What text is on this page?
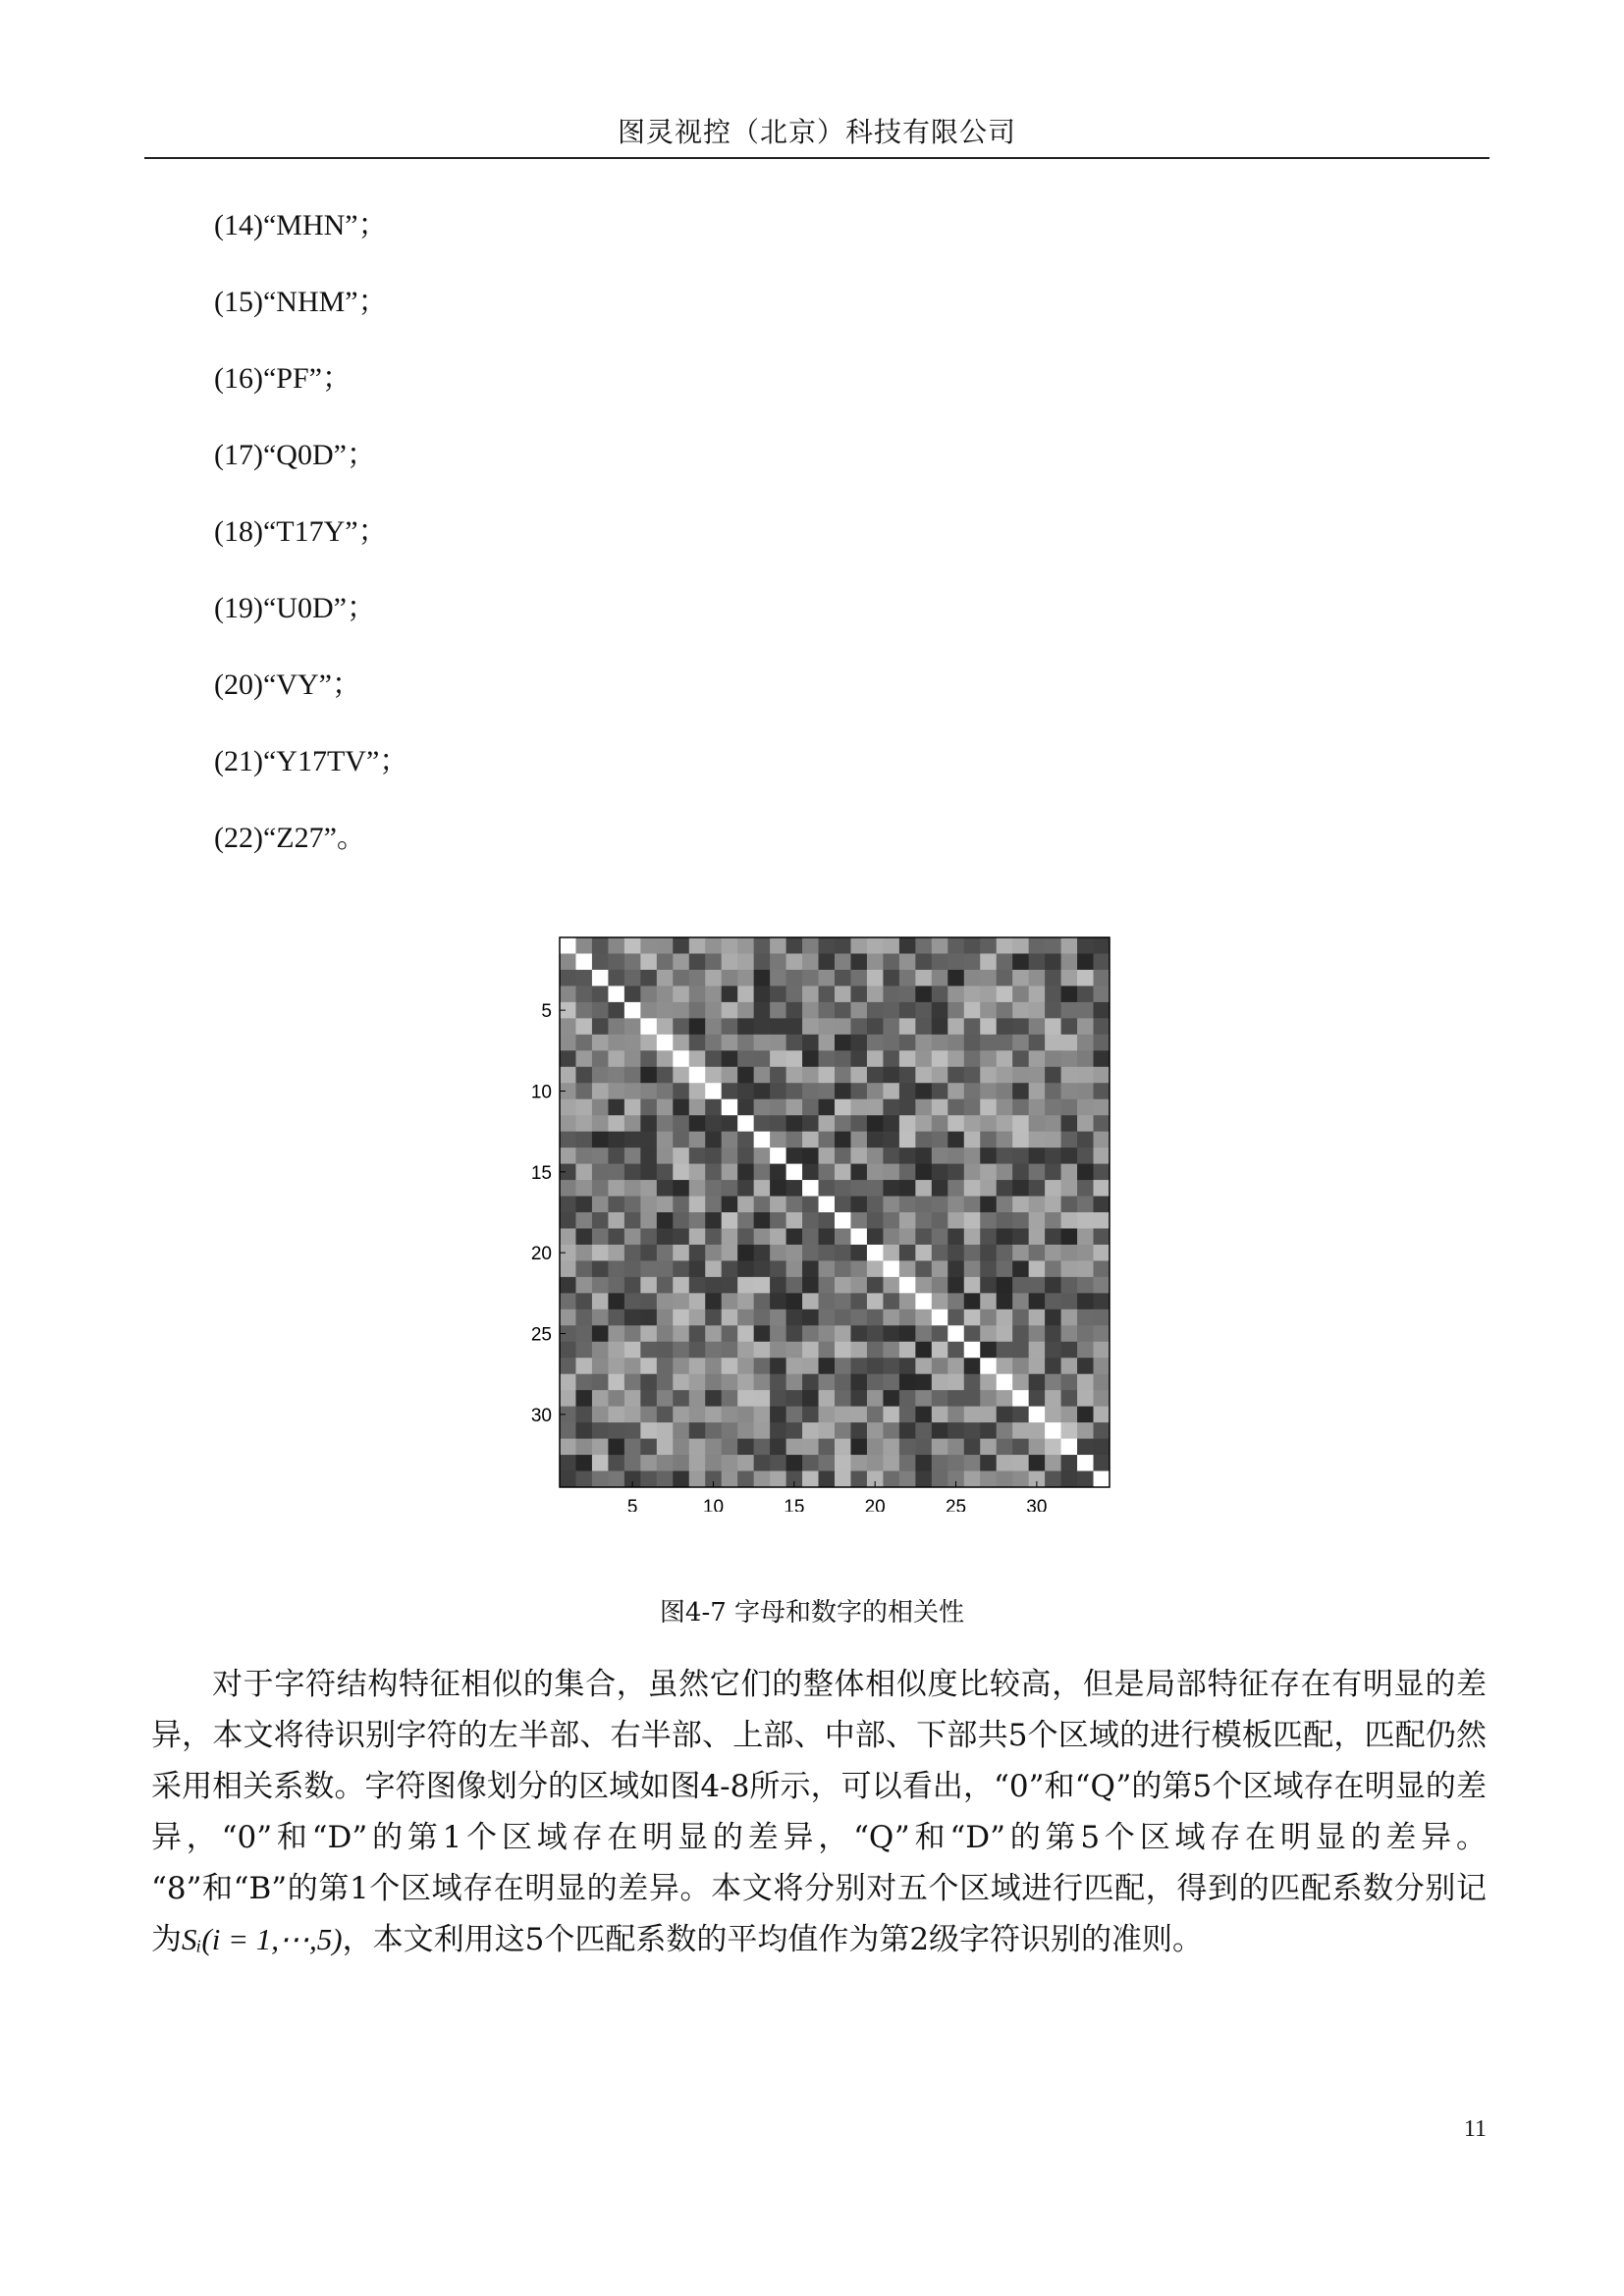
图灵视控（北京）科技有限公司
(14)“MHN”；
(15)“NHM”；
(16)“PF”；
(17)“Q0D”；
(18)“T17Y”；
(19)“U0D”；
(20)“VY”；
(21)“Y17TV”；
(22)“Z27”。
5
10
15
20
25
30
5	10	15	20	25	30
图4-7 字母和数字的相关性

对于字符结构特征相似的集合，虽然它们的整体相似度比较高，但是局部特征存在有明显的差异，本文将待识别字符的左半部、右半部、上部、中部、下部共5个区域的进行模板匹配，匹配仍然采用相关系数。字符图像划分的区域如图4-8所示，可以看出，“0”和“Q”的第5个区域存在明显的差异，“0”和“D”的第1个区域存在明显的差异，“Q”和“D”的第5个区域存在明显的差异。 “8”和“B”的第1个区域存在明显的差异。本文将分别对五个区域进行匹配，得到的匹配系数分别记为Sᵢ(i = 1,⋯,5)，本文利用这5个匹配系数的平均值作为第2级字符识别的准则。

11
